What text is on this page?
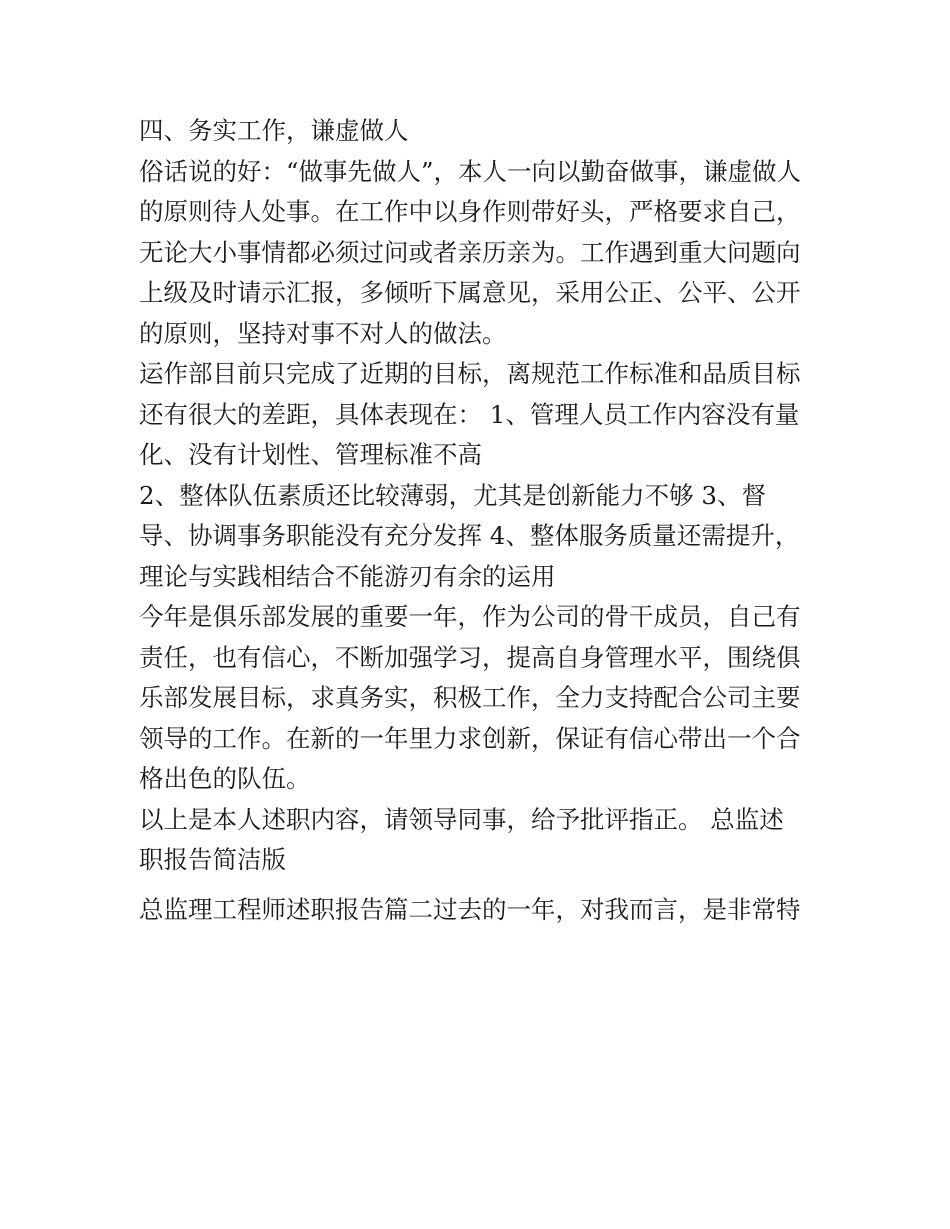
四、务实工作，谦虚做人
俗话说的好：“做事先做人”，本人一向以勤奋做事，谦虚做人
的原则待人处事。在工作中以身作则带好头，严格要求自己，
无论大小事情都必须过问或者亲历亲为。工作遇到重大问题向
上级及时请示汇报，多倾听下属意见，采用公正、公平、公开
的原则，坚持对事不对人的做法。
运作部目前只完成了近期的目标，离规范工作标准和品质目标
还有很大的差距，具体表现在： 1、管理人员工作内容没有量
化、没有计划性、管理标准不高
2、整体队伍素质还比较薄弱，尤其是创新能力不够 3、督
导、协调事务职能没有充分发挥 4、整体服务质量还需提升，
理论与实践相结合不能游刃有余的运用
今年是俱乐部发展的重要一年，作为公司的骨干成员，自己有
责任，也有信心，不断加强学习，提高自身管理水平，围绕俱
乐部发展目标，求真务实，积极工作，全力支持配合公司主要
领导的工作。在新的一年里力求创新，保证有信心带出一个合
格出色的队伍。
以上是本人述职内容，请领导同事，给予批评指正。 总监述
职报告简洁版
总监理工程师述职报告篇二过去的一年，对我而言，是非常特
